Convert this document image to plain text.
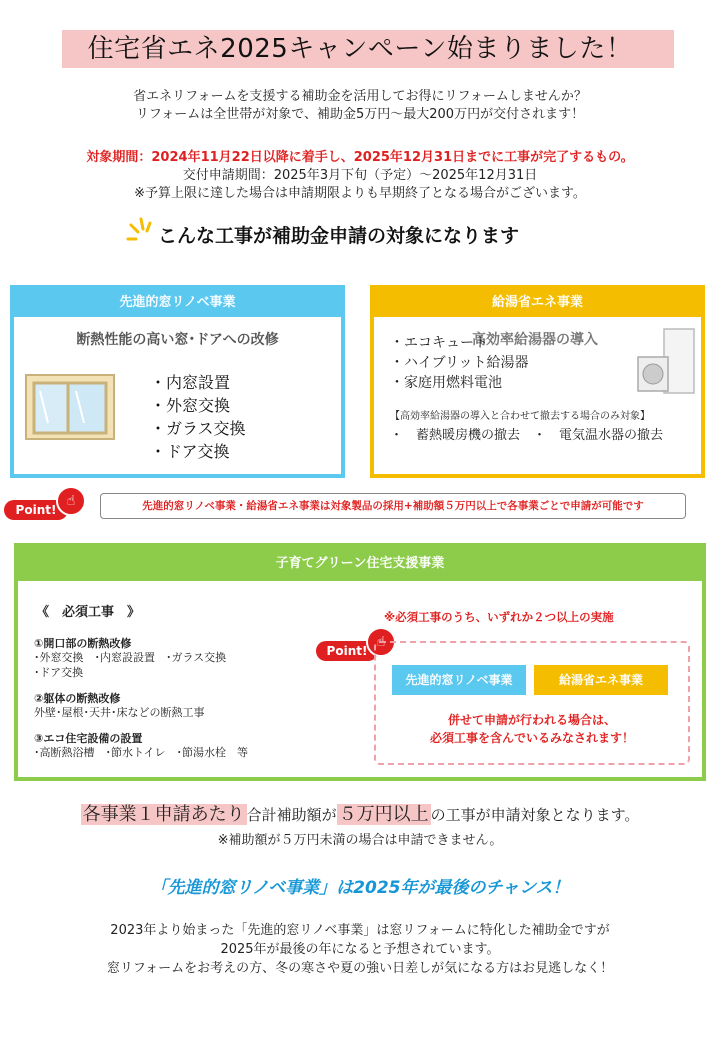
住宅省エネ2025キャンペーン始まりました！
省エネリフォームを支援する補助金を活用してお得にリフォームしませんか？
リフォームは全世帯が対象で、補助金5万円～最大200万円が交付されます！
対象期間：2024年11月22日以降に着手し、2025年12月31日までに工事が完了するもの。
交付申請期間：2025年3月下旬（予定）～2025年12月31日
※予算上限に達した場合は申請期限よりも早期終了となる場合がございます。
こんな工事が補助金申請の対象になります
先進的窓リノベ事業
断熱性能の高い窓･ドアへの改修
・内窓設置
・外窓交換
・ガラス交換
・ドア交換
給湯省エネ事業
高効率給湯器の導入
・エコキュート
・ハイブリット給湯器
・家庭用燃料電池
【高効率給湯器の導入と合わせて撤去する場合のみ対象】
・　蓄熱暖房機の撤去　・　電気温水器の撤去
Point!
☝	先進的窓リノベ事業・給湯省エネ事業は対象製品の採用+補助額５万円以上で各事業ごとで申請が可能です
子育てグリーン住宅支援事業
《　必須工事　》
①開口部の断熱改修
･外窓交換　･内窓設設置　･ガラス交換
･ドア交換
②躯体の断熱改修
外壁･屋根･天井･床などの断熱工事
③エコ住宅設備の設置
･高断熱浴槽　･節水トイレ　･節湯水栓　等
※必須工事のうち、いずれか２つ以上の実施
Point!
☝
先進的窓リノベ事業	給湯省エネ事業
併せて申請が行われる場合は、
必須工事を含んでいるみなされます！
各事業１申請あたり 合計補助額が ５万円以上 の工事が申請対象となります。
※補助額が５万円未満の場合は申請できません。
「先進的窓リノベ事業」は2025年が最後のチャンス！
2023年より始まった「先進的窓リノベ事業」は窓リフォームに特化した補助金ですが
2025年が最後の年になると予想されています。
窓リフォームをお考えの方、冬の寒さや夏の強い日差しが気になる方はお見逃しなく！
